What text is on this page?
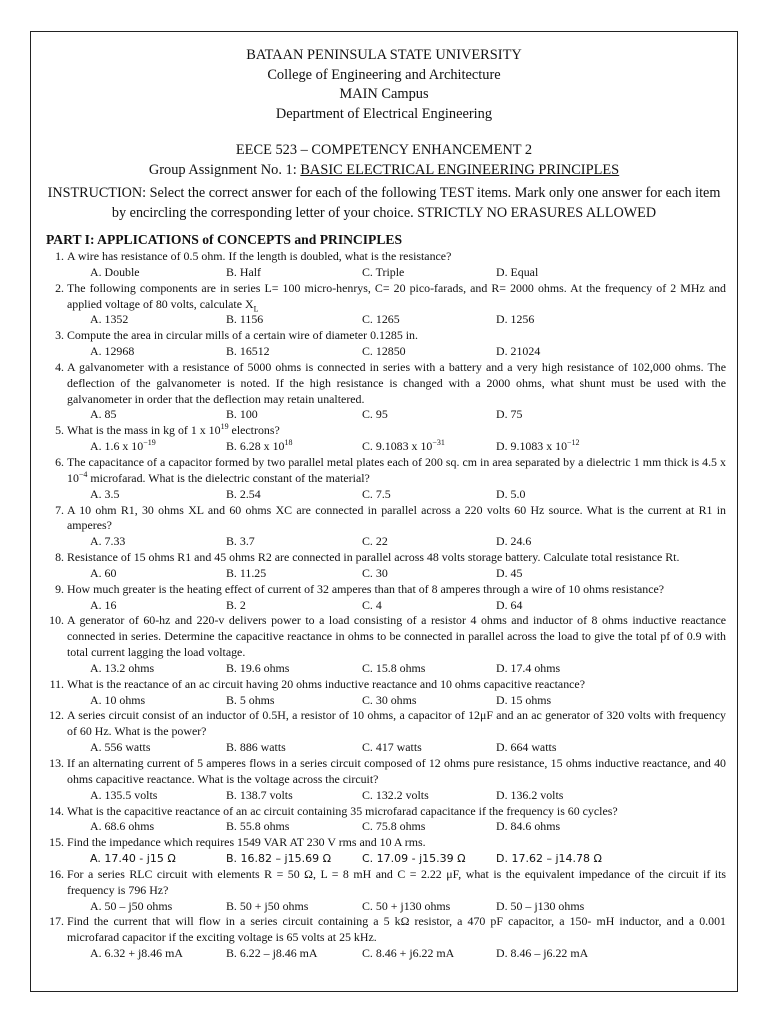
BATAAN PENINSULA STATE UNIVERSITY
College of Engineering and Architecture
MAIN Campus
Department of Electrical Engineering
EECE 523 – COMPETENCY ENHANCEMENT 2
Group Assignment No. 1: BASIC ELECTRICAL ENGINEERING PRINCIPLES
INSTRUCTION: Select the correct answer for each of the following TEST items. Mark only one answer for each item by encircling the corresponding letter of your choice. STRICTLY NO ERASURES ALLOWED
PART I: APPLICATIONS of CONCEPTS and PRINCIPLES
1. A wire has resistance of 0.5 ohm. If the length is doubled, what is the resistance?
A. Double	B. Half	C. Triple	D. Equal
2. The following components are in series L= 100 micro-henrys, C= 20 pico-farads, and R= 2000 ohms. At the frequency of 2 MHz and applied voltage of 80 volts, calculate $X_L$
A. 1352	B. 1156	C. 1265	D. 1256
3. Compute the area in circular mills of a certain wire of diameter 0.1285 in.
A. 12968	B. 16512	C. 12850	D. 21024
4. A galvanometer with a resistance of 5000 ohms is connected in series with a battery and a very high resistance of 102,000 ohms. The deflection of the galvanometer is noted. If the high resistance is changed with a 2000 ohms, what shunt must be used with the galvanometer in order that the deflection may retain unaltered.
A. 85	B. 100	C. 95	D. 75
5. What is the mass in kg of 1 x $10^{19}$ electrons?
A. 1.6 x $10^{-19}$	B. 6.28 x $10^{18}$	C. 9.1083 x $10^{-31}$	D. 9.1083 x $10^{-12}$
6. The capacitance of a capacitor formed by two parallel metal plates each of 200 sq. cm in area separated by a dielectric 1 mm thick is 4.5 x $10^{-4}$ microfarad. What is the dielectric constant of the material?
A. 3.5	B. 2.54	C. 7.5	D. 5.0
7. A 10 ohm R1, 30 ohms XL and 60 ohms XC are connected in parallel across a 220 volts 60 Hz source. What is the current at R1 in amperes?
A. 7.33	B. 3.7	C. 22	D. 24.6
8. Resistance of 15 ohms R1 and 45 ohms R2 are connected in parallel across 48 volts storage battery. Calculate total resistance Rt.
A. 60	B. 11.25	C. 30	D. 45
9. How much greater is the heating effect of current of 32 amperes than that of 8 amperes through a wire of 10 ohms resistance?
A. 16	B. 2	C. 4	D. 64
10. A generator of 60-hz and 220-v delivers power to a load consisting of a resistor 4 ohms and inductor of 8 ohms inductive reactance connected in series. Determine the capacitive reactance in ohms to be connected in parallel across the load to give the total pf of 0.9 with total current lagging the load voltage.
A. 13.2 ohms	B. 19.6 ohms	C. 15.8 ohms	D. 17.4 ohms
11. What is the reactance of an ac circuit having 20 ohms inductive reactance and 10 ohms capacitive reactance?
A. 10 ohms	B. 5 ohms	C. 30 ohms	D. 15 ohms
12. A series circuit consist of an inductor of 0.5H, a resistor of 10 ohms, a capacitor of 12μF and an ac generator of 320 volts with frequency of 60 Hz. What is the power?
A. 556 watts	B. 886 watts	C. 417 watts	D. 664 watts
13. If an alternating current of 5 amperes flows in a series circuit composed of 12 ohms pure resistance, 15 ohms inductive reactance, and 40 ohms capacitive reactance. What is the voltage across the circuit?
A. 135.5 volts	B. 138.7 volts	C. 132.2 volts	D. 136.2 volts
14. What is the capacitive reactance of an ac circuit containing 35 microfarad capacitance if the frequency is 60 cycles?
A. 68.6 ohms	B. 55.8 ohms	C. 75.8 ohms	D. 84.6 ohms
15. Find the impedance which requires 1549 VAR AT 230 V rms and 10 A rms.
A. 17.40 - j15 Ω	B. 16.82 – j15.69 Ω	C. 17.09 - j15.39 Ω	D. 17.62 – j14.78 Ω
16. For a series RLC circuit with elements R = 50 Ω, L = 8 mH and C = 2.22 μF, what is the equivalent impedance of the circuit if its frequency is 796 Hz?
A. 50 – j50 ohms	B. 50 + j50 ohms	C. 50 + j130 ohms	D. 50 – j130 ohms
17. Find the current that will flow in a series circuit containing a 5 kΩ resistor, a 470 pF capacitor, a 150- mH inductor, and a 0.001 microfarad capacitor if the exciting voltage is 65 volts at 25 kHz.
A. 6.32 + j8.46 mA	B. 6.22 – j8.46 mA	C. 8.46 + j6.22 mA	D. 8.46 – j6.22 mA
